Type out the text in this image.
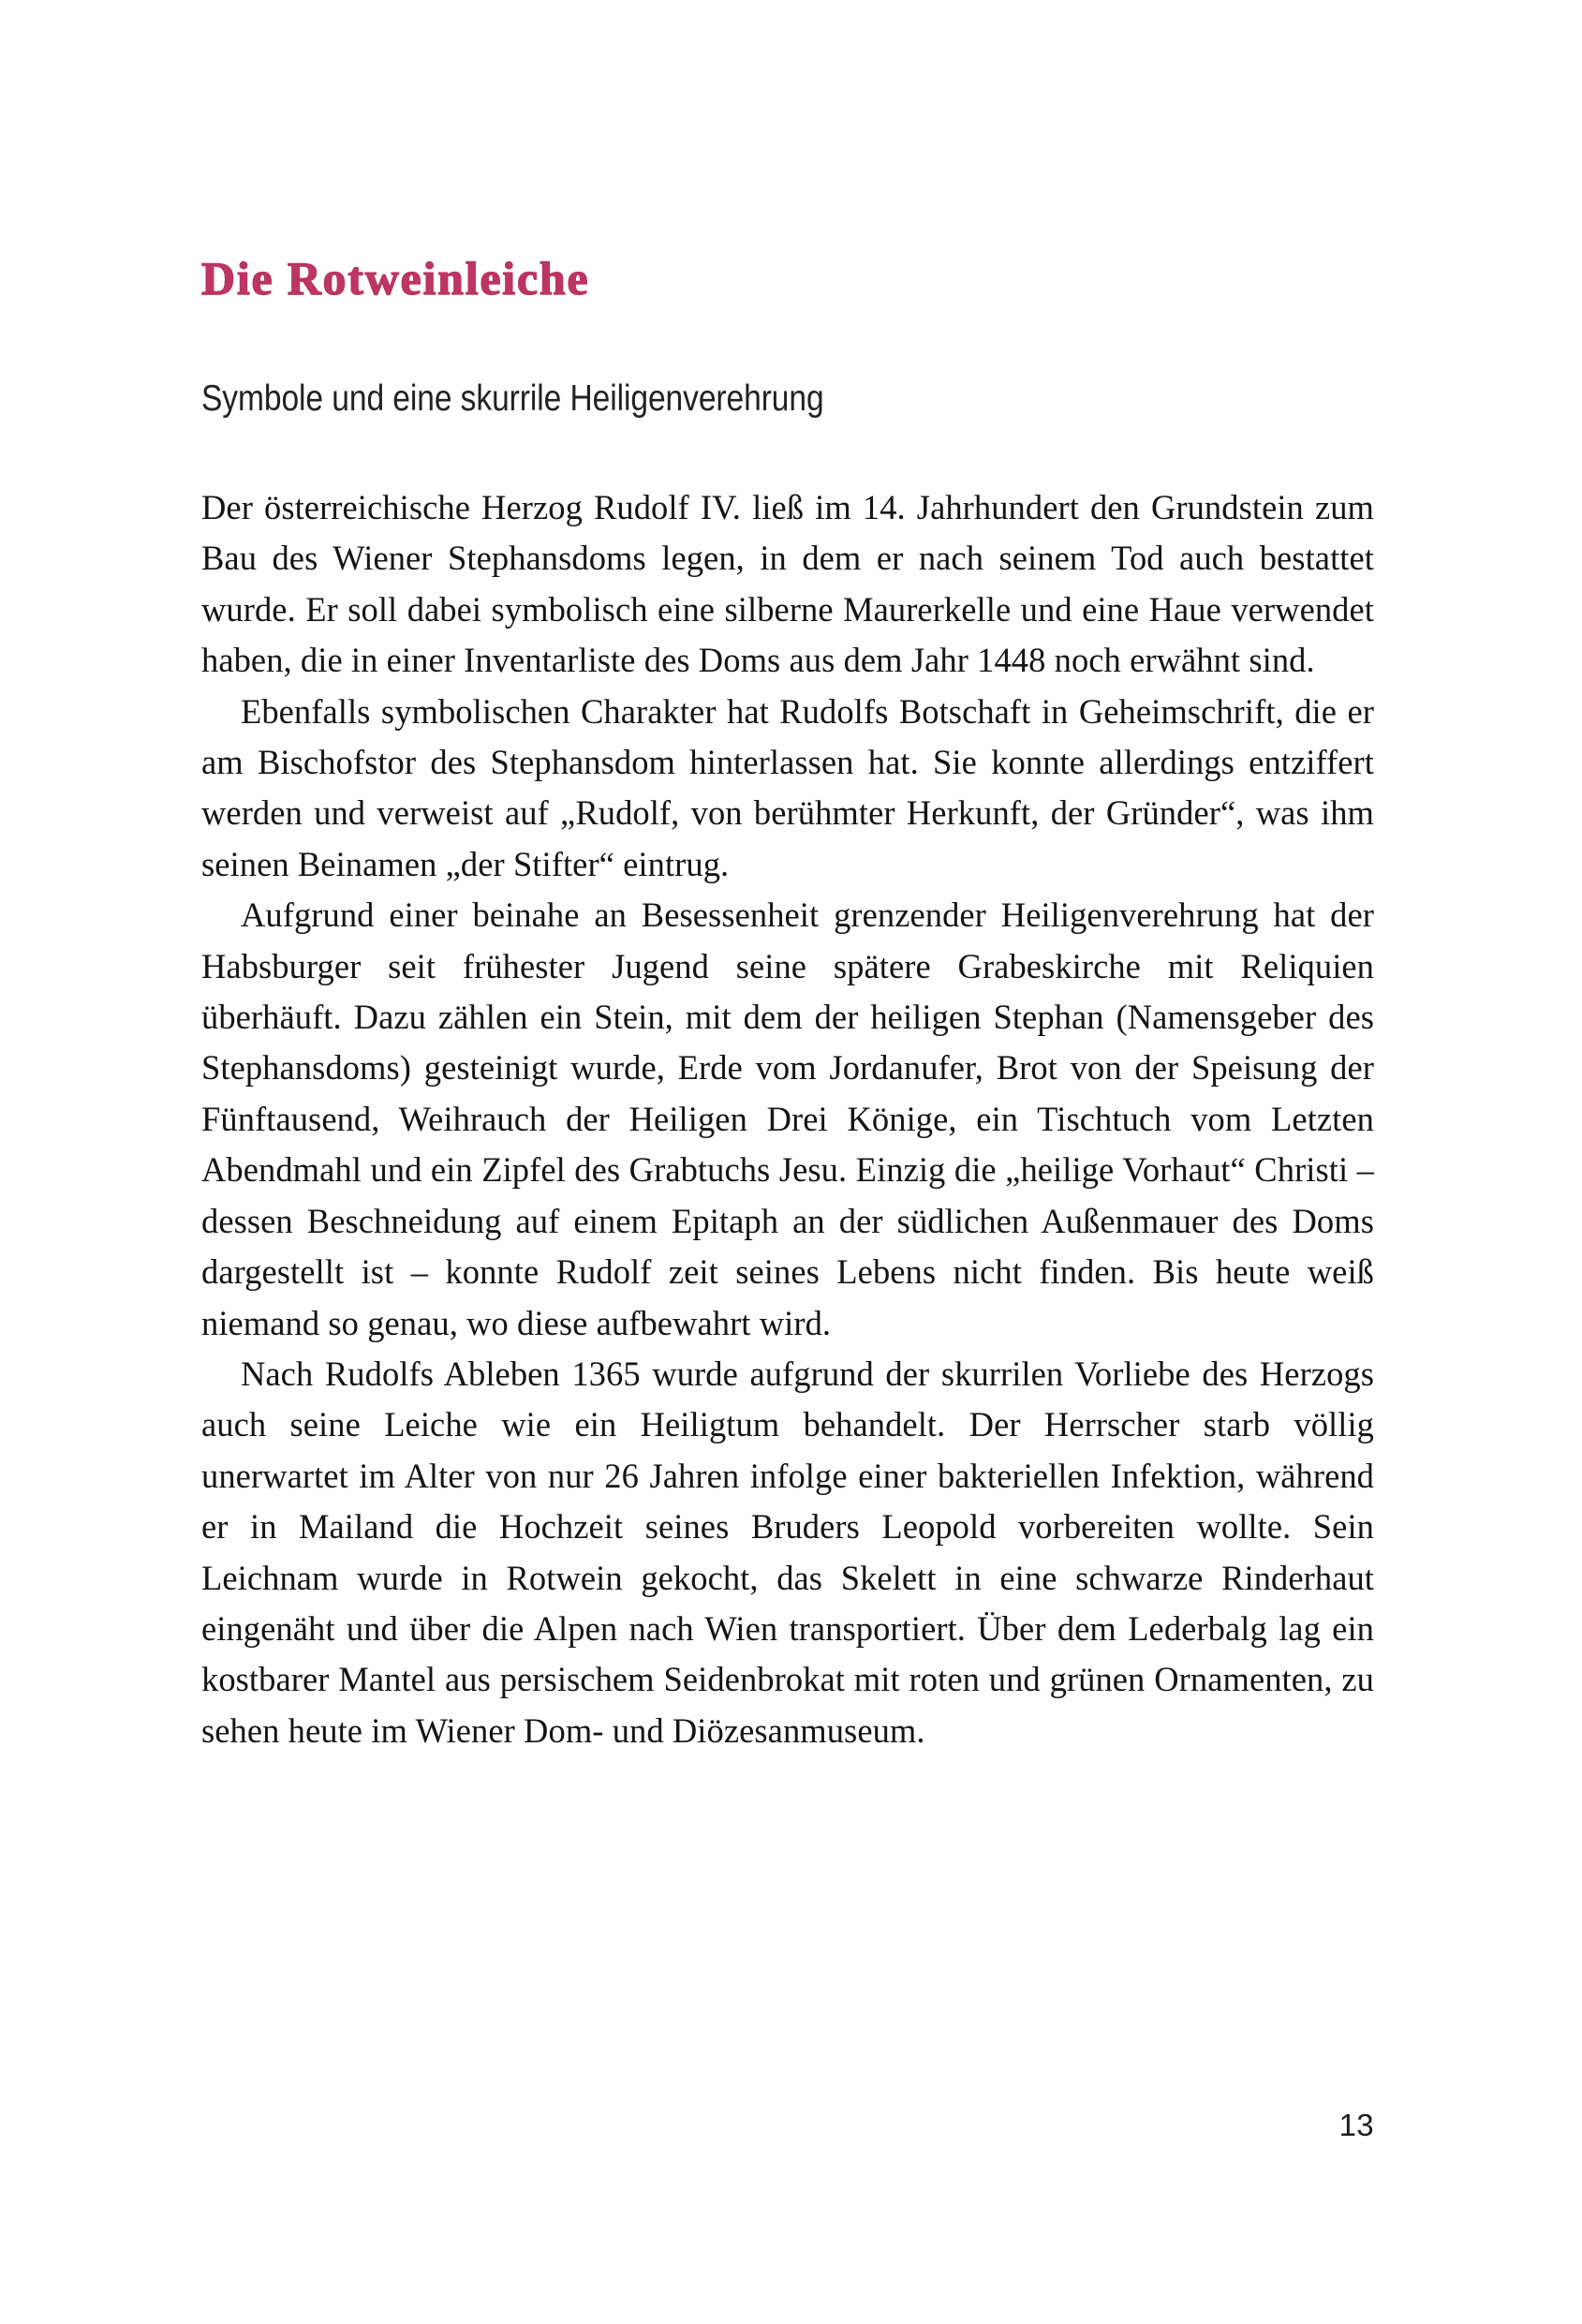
Die Rotweinleiche
Symbole und eine skurrile Heiligenverehrung

Der österreichische Herzog Rudolf IV. ließ im 14. Jahrhundert den Grundstein zum Bau des Wiener Stephansdoms legen, in dem er nach seinem Tod auch bestattet wurde. Er soll dabei symbolisch eine silberne Maurerkelle und eine Haue verwendet haben, die in einer Inventarliste des Doms aus dem Jahr 1448 noch erwähnt sind.

Ebenfalls symbolischen Charakter hat Rudolfs Botschaft in Geheimschrift, die er am Bischofstor des Stephansdom hinterlassen hat. Sie konnte allerdings entziffert werden und verweist auf „Rudolf, von berühmter Herkunft, der Gründer“, was ihm seinen Beinamen „der Stifter“ eintrug.

Aufgrund einer beinahe an Besessenheit grenzender Heiligenverehrung hat der Habsburger seit frühester Jugend seine spätere Grabeskirche mit Reliquien überhäuft. Dazu zählen ein Stein, mit dem der heiligen Stephan (Namensgeber des Stephansdoms) gesteinigt wurde, Erde vom Jordanufer, Brot von der Speisung der Fünftausend, Weihrauch der Heiligen Drei Könige, ein Tischtuch vom Letzten Abendmahl und ein Zipfel des Grabtuchs Jesu. Einzig die „heilige Vorhaut“ Christi – dessen Beschneidung auf einem Epitaph an der südlichen Außenmauer des Doms dargestellt ist – konnte Rudolf zeit seines Lebens nicht finden. Bis heute weiß niemand so genau, wo diese aufbewahrt wird.

Nach Rudolfs Ableben 1365 wurde aufgrund der skurrilen Vorliebe des Herzogs auch seine Leiche wie ein Heiligtum behandelt. Der Herrscher starb völlig unerwartet im Alter von nur 26 Jahren infolge einer bakteriellen Infektion, während er in Mailand die Hochzeit seines Bruders Leopold vorbereiten wollte. Sein Leichnam wurde in Rotwein gekocht, das Skelett in eine schwarze Rinderhaut eingenäht und über die Alpen nach Wien transportiert. Über dem Lederbalg lag ein kostbarer Mantel aus persischem Seidenbrokat mit roten und grünen Ornamenten, zu sehen heute im Wiener Dom- und Diözesanmuseum.

13
